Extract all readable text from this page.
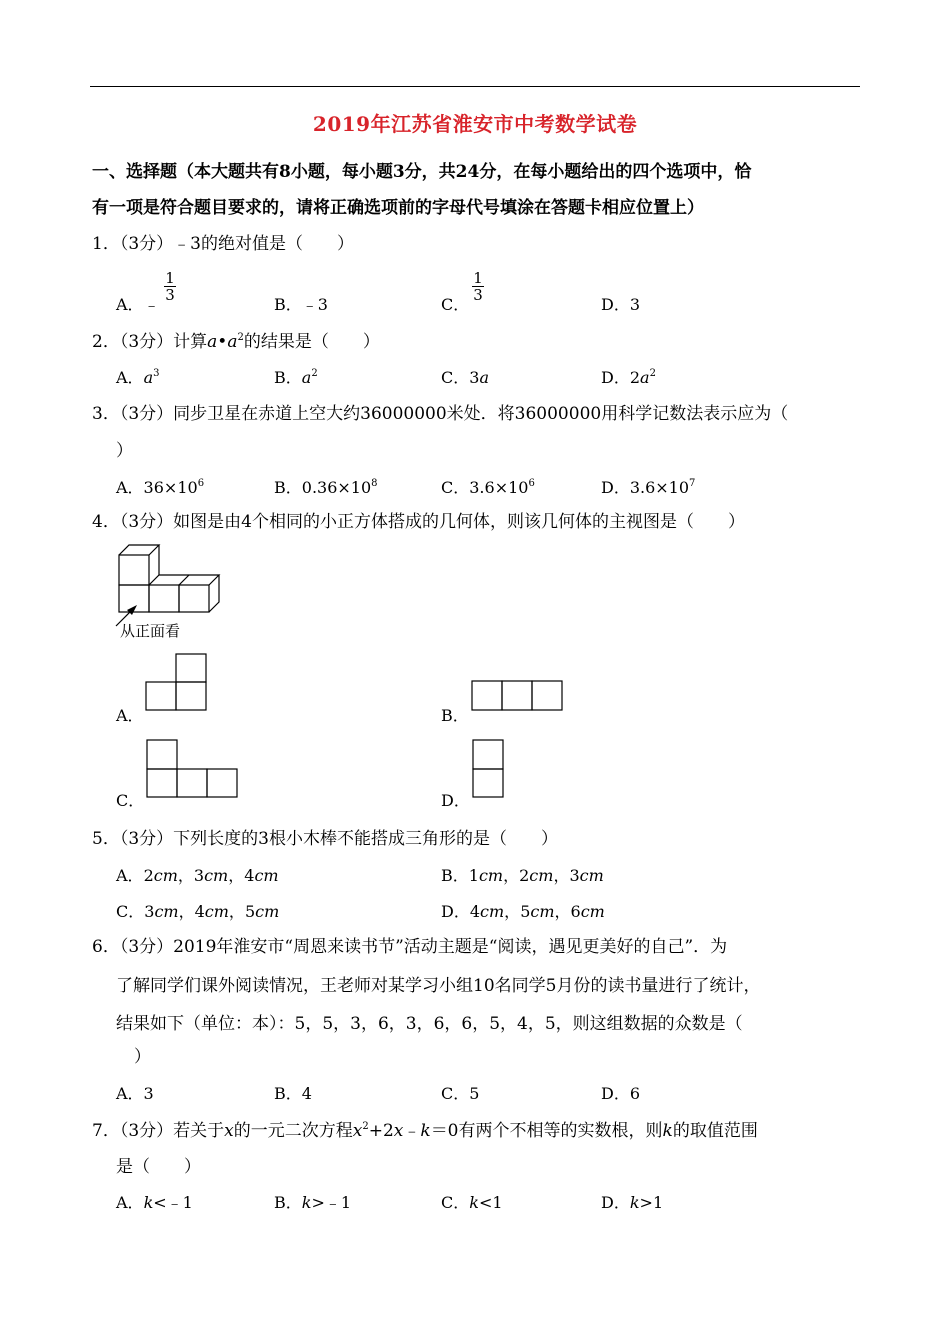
2019年江苏省淮安市中考数学试卷
一、选择题（本大题共有8小题，每小题3分，共24分，在每小题给出的四个选项中，恰
有一项是符合题目要求的，请将正确选项前的字母代号填涂在答题卡相应位置上）
1．（3分）﹣3的绝对值是（　　）
A．﹣
1
3	B．﹣3	C．
1
3	D．3
2．（3分）计算$a•a^2$的结果是（　　）
A．$a^3$	B．$a^2$	C．3a	D．$2a^2$
3．（3分）同步卫星在赤道上空大约36000000米处．将36000000用科学记数法表示应为（
）
A．$36\times 10^6$	B．$0.36\times 10^8$	C．$3.6\times 10^6$	D．$3.6\times 10^7$
4．（3分）如图是由4个相同的小正方体搭成的几何体，则该几何体的主视图是（　　）
从正面看
A．	B．
C．	D．
5．（3分）下列长度的3根小木棒不能搭成三角形的是（　　）
A．2cm，3cm，4cm	B．1cm，2cm，3cm
C．3cm，4cm，5cm	D．4cm，5cm，6cm
6．（3分）2019年淮安市“周恩来读书节”活动主题是“阅读，遇见更美好的自己”．为
了解同学们课外阅读情况，王老师对某学习小组10名同学5月份的读书量进行了统计，
结果如下（单位：本）：5，5，3，6，3，6，6，5，4，5，则这组数据的众数是（
）
A．3	B．4	C．5	D．6
7．（3分）若关于x的一元二次方程$x^2+2x﹣k=0$有两个不相等的实数根，则k的取值范围
是（　　）
A．k<﹣1	B．k>﹣1	C．k<1	D．k>1
